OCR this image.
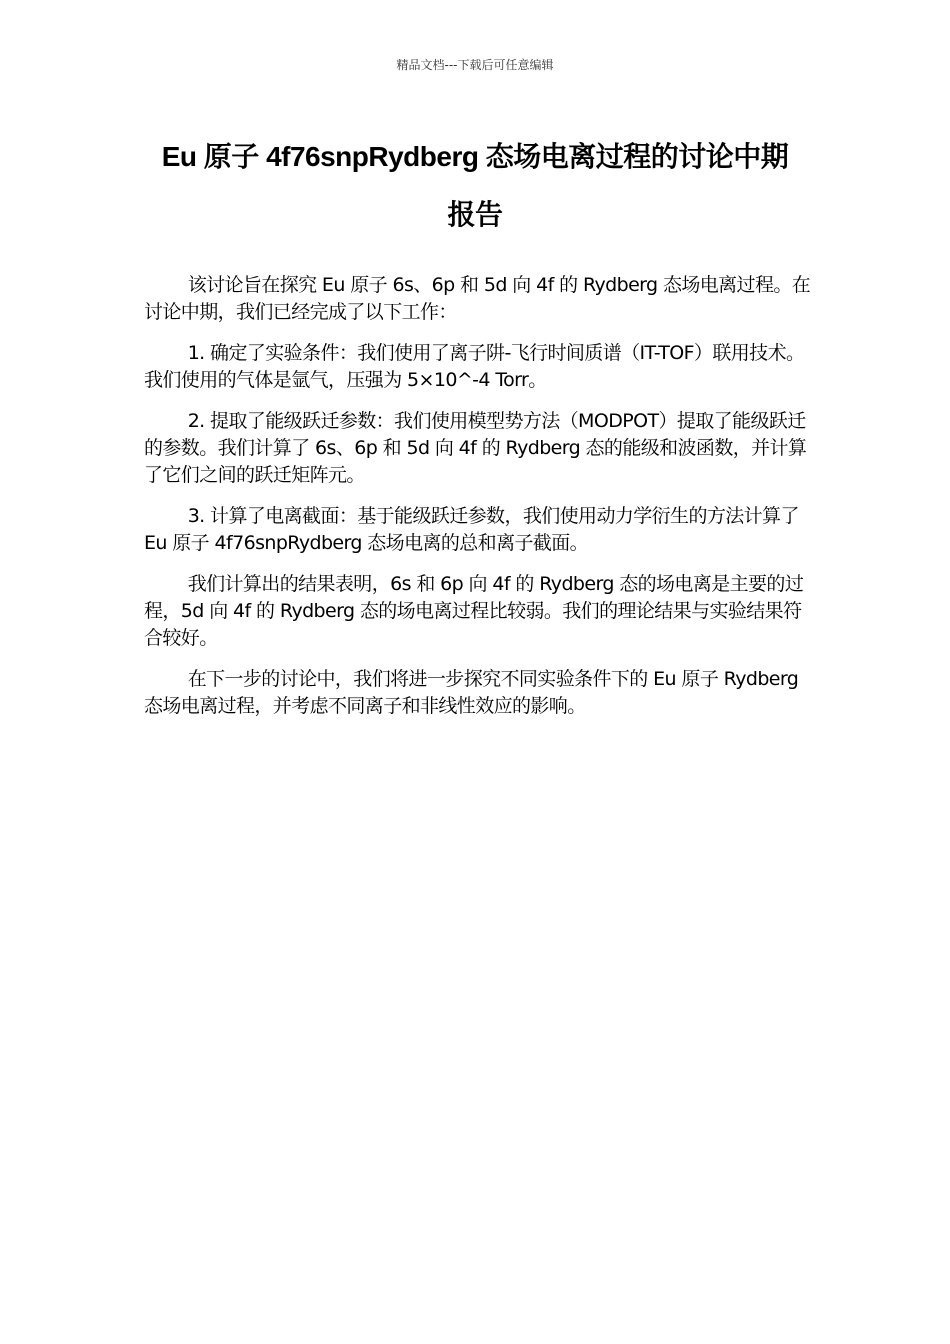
精品文档---下载后可任意编辑
Eu 原子 4f76snpRydberg 态场电离过程的讨论中期
报告

该讨论旨在探究 Eu 原子 6s、6p 和 5d 向 4f 的 Rydberg 态场电离过程。在讨论中期，我们已经完成了以下工作：

1. 确定了实验条件：我们使用了离子阱-飞行时间质谱（IT-TOF）联用技术。我们使用的气体是氩气，压强为 5×10^-4 Torr。

2. 提取了能级跃迁参数：我们使用模型势方法（MODPOT）提取了能级跃迁的参数。我们计算了 6s、6p 和 5d 向 4f 的 Rydberg 态的能级和波函数，并计算了它们之间的跃迁矩阵元。

3. 计算了电离截面：基于能级跃迁参数，我们使用动力学衍生的方法计算了 Eu 原子 4f76snpRydberg 态场电离的总和离子截面。

我们计算出的结果表明，6s 和 6p 向 4f 的 Rydberg 态的场电离是主要的过程，5d 向 4f 的 Rydberg 态的场电离过程比较弱。我们的理论结果与实验结果符合较好。

在下一步的讨论中，我们将进一步探究不同实验条件下的 Eu 原子 Rydberg 态场电离过程，并考虑不同离子和非线性效应的影响。
